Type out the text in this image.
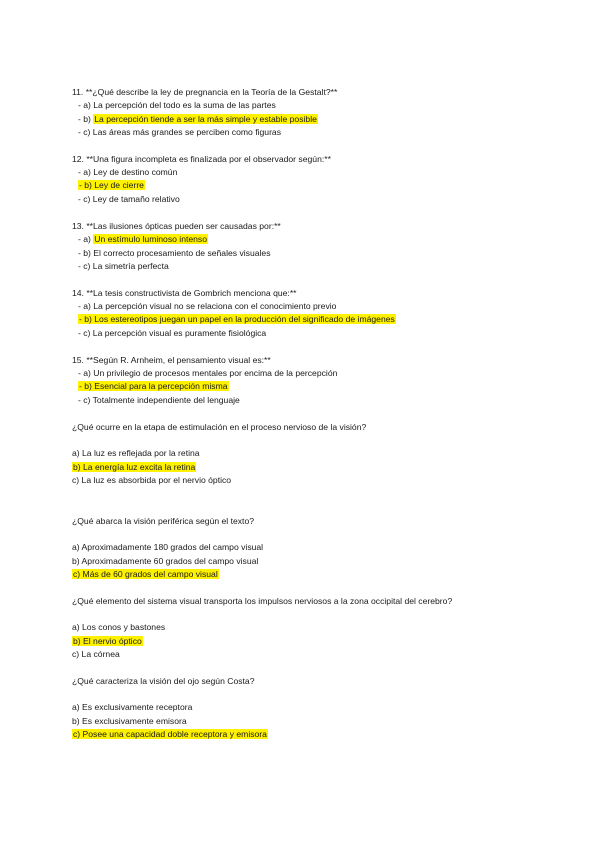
11. **¿Qué describe la ley de pregnancia en la Teoría de la Gestalt?**
- a) La percepción del todo es la suma de las partes
- b) La percepción tiende a ser la más simple y estable posible
- c) Las áreas más grandes se perciben como figuras
12. **Una figura incompleta es finalizada por el observador según:**
- a) Ley de destino común
- b) Ley de cierre
- c) Ley de tamaño relativo
13. **Las ilusiones ópticas pueden ser causadas por:**
- a) Un estímulo luminoso intenso
- b) El correcto procesamiento de señales visuales
- c) La simetría perfecta
14. **La tesis constructivista de Gombrich menciona que:**
- a) La percepción visual no se relaciona con el conocimiento previo
- b) Los estereotipos juegan un papel en la producción del significado de imágenes
- c) La percepción visual es puramente fisiológica
15. **Según R. Arnheim, el pensamiento visual es:**
- a) Un privilegio de procesos mentales por encima de la percepción
- b) Esencial para la percepción misma
- c) Totalmente independiente del lenguaje
¿Qué ocurre en la etapa de estimulación en el proceso nervioso de la visión?
a) La luz es reflejada por la retina
b) La energía luz excita la retina
c) La luz es absorbida por el nervio óptico
¿Qué abarca la visión periférica según el texto?
a) Aproximadamente 180 grados del campo visual
b) Aproximadamente 60 grados del campo visual
c) Más de 60 grados del campo visual
¿Qué elemento del sistema visual transporta los impulsos nerviosos a la zona occipital del cerebro?
a) Los conos y bastones
b) El nervio óptico
c) La córnea
¿Qué caracteriza la visión del ojo según Costa?
a) Es exclusivamente receptora
b) Es exclusivamente emisora
c) Posee una capacidad doble receptora y emisora
